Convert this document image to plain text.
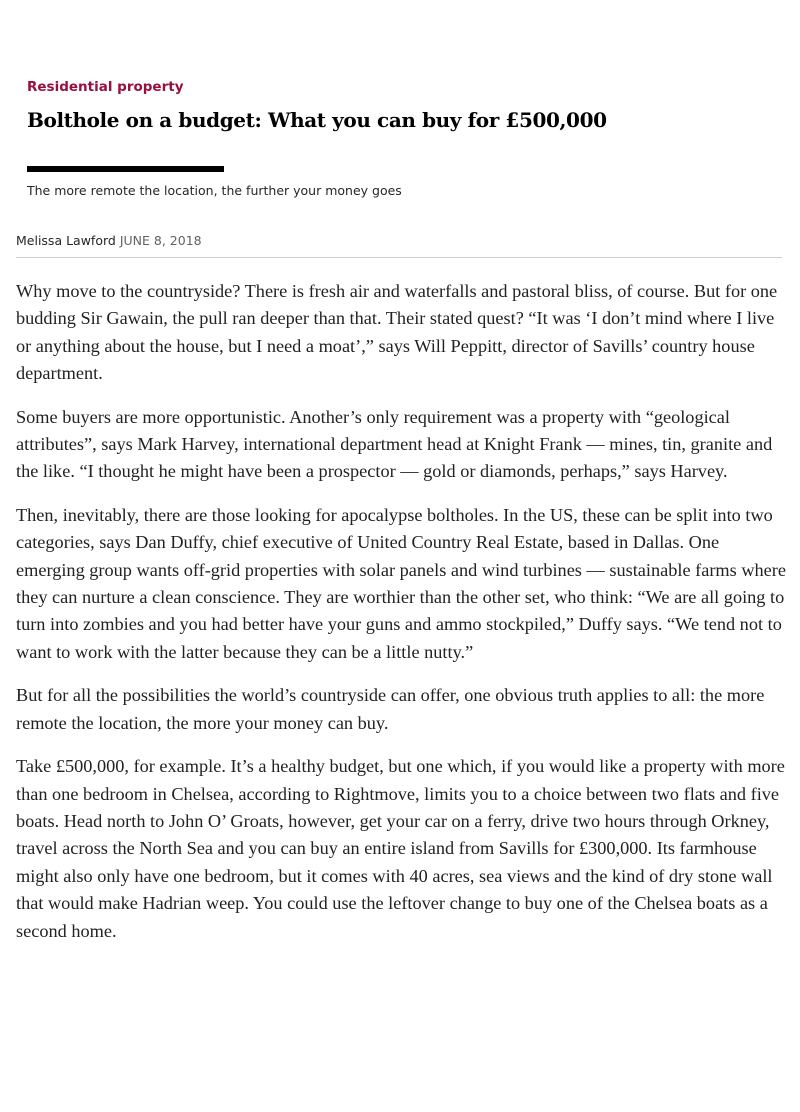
Residential property
Bolthole on a budget: What you can buy for £500,000

The more remote the location, the further your money goes

Melissa Lawford JUNE 8, 2018

Why move to the countryside? There is fresh air and waterfalls and pastoral bliss, of course. But for one budding Sir Gawain, the pull ran deeper than that. Their stated quest? “It was ‘I don’t mind where I live or anything about the house, but I need a moat’,” says Will Peppitt, director of Savills’ country house department.

Some buyers are more opportunistic. Another’s only requirement was a property with “geological attributes”, says Mark Harvey, international department head at Knight Frank — mines, tin, granite and the like. “I thought he might have been a prospector — gold or diamonds, perhaps,” says Harvey.

Then, inevitably, there are those looking for apocalypse boltholes. In the US, these can be split into two categories, says Dan Duffy, chief executive of United Country Real Estate, based in Dallas. One emerging group wants off-grid properties with solar panels and wind turbines — sustainable farms where they can nurture a clean conscience. They are worthier than the other set, who think: “We are all going to turn into zombies and you had better have your guns and ammo stockpiled,” Duffy says. “We tend not to want to work with the latter because they can be a little nutty.”

But for all the possibilities the world’s countryside can offer, one obvious truth applies to all: the more remote the location, the more your money can buy.

Take £500,000, for example. It’s a healthy budget, but one which, if you would like a property with more than one bedroom in Chelsea, according to Rightmove, limits you to a choice between two flats and five boats. Head north to John O’ Groats, however, get your car on a ferry, drive two hours through Orkney, travel across the North Sea and you can buy an entire island from Savills for £300,000. Its farmhouse might also only have one bedroom, but it comes with 40 acres, sea views and the kind of dry stone wall that would make Hadrian weep. You could use the leftover change to buy one of the Chelsea boats as a second home.
